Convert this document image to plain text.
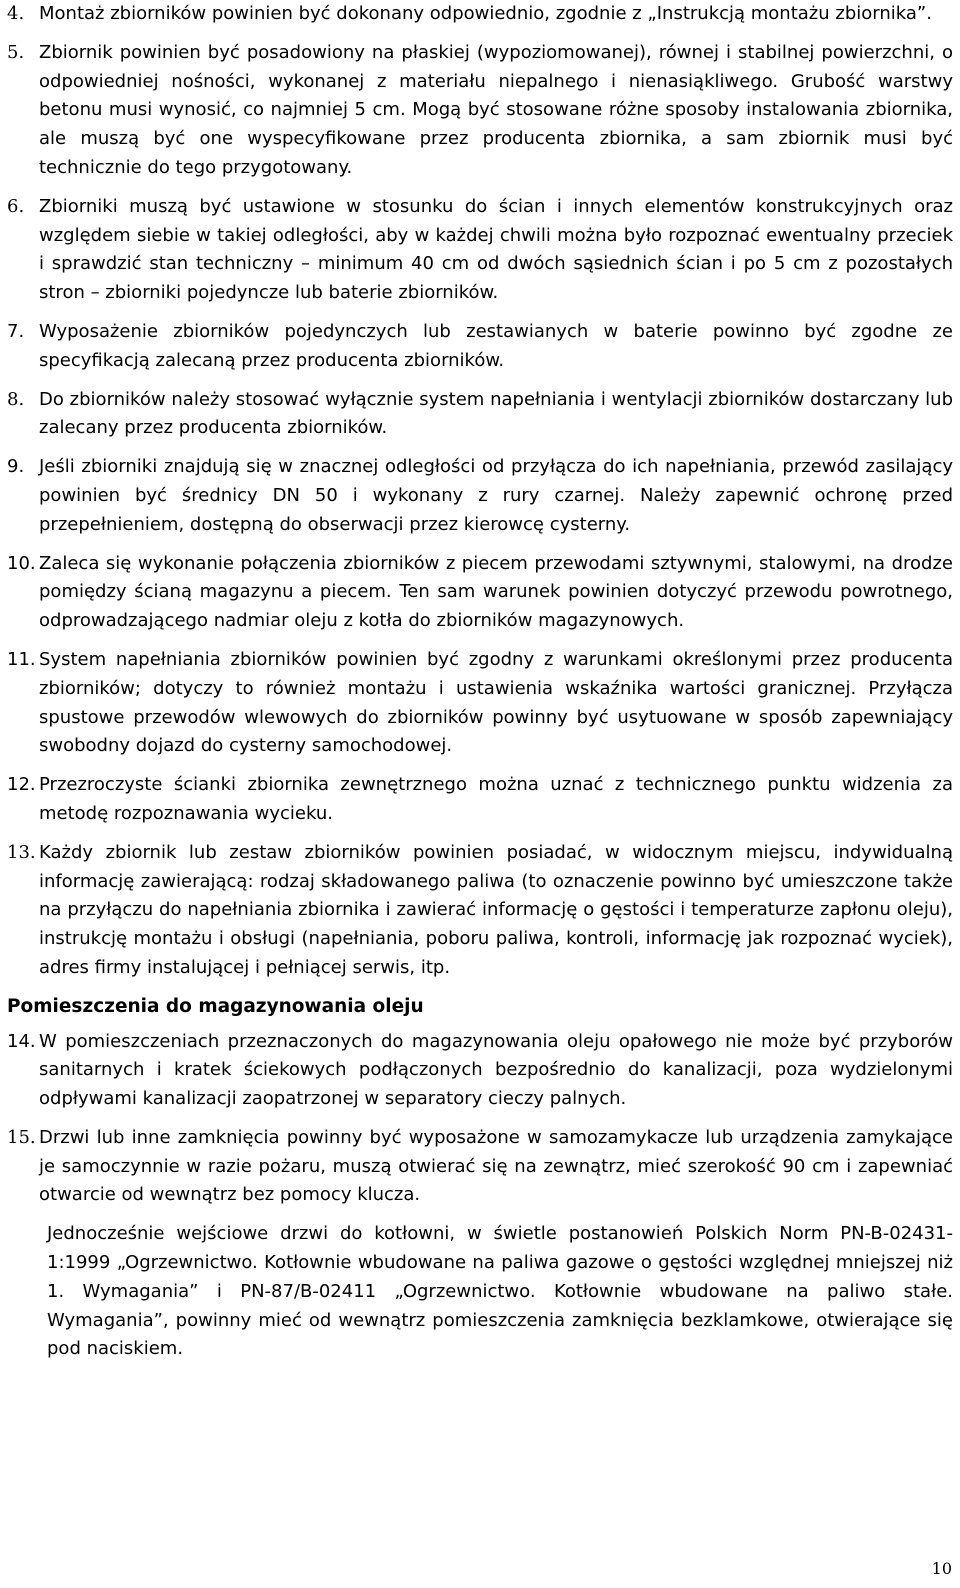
4. Montaż zbiorników powinien być dokonany odpowiednio, zgodnie z „Instrukcją montażu zbiornika”.
5. Zbiornik powinien być posadowiony na płaskiej (wypoziomowanej), równej i stabilnej powierzchni, o odpowiedniej nośności, wykonanej z materiału niepalnego i nienasiąkliwego. Grubość warstwy betonu musi wynosić, co najmniej 5 cm. Mogą być stosowane różne sposoby instalowania zbiornika, ale muszą być one wyspecyfikowane przez producenta zbiornika, a sam zbiornik musi być technicznie do tego przygotowany.
6. Zbiorniki muszą być ustawione w stosunku do ścian i innych elementów konstrukcyjnych oraz względem siebie w takiej odległości, aby w każdej chwili można było rozpoznać ewentualny przeciek i sprawdzić stan techniczny – minimum 40 cm od dwóch sąsiednich ścian i po 5 cm z pozostałych stron – zbiorniki pojedyncze lub baterie zbiorników.
7. Wyposażenie zbiorników pojedynczych lub zestawianych w baterie powinno być zgodne ze specyfikacją zalecaną przez producenta zbiorników.
8. Do zbiorników należy stosować wyłącznie system napełniania i wentylacji zbiorników dostarczany lub zalecany przez producenta zbiorników.
9. Jeśli zbiorniki znajdują się w znacznej odległości od przyłącza do ich napełniania, przewód zasilający powinien być średnicy DN 50 i wykonany z rury czarnej. Należy zapewnić ochronę przed przepełnieniem, dostępną do obserwacji przez kierowcę cysterny.
10. Zaleca się wykonanie połączenia zbiorników z piecem przewodami sztywnymi, stalowymi, na drodze pomiędzy ścianą magazynu a piecem. Ten sam warunek powinien dotyczyć przewodu powrotnego, odprowadzającego nadmiar oleju z kotła do zbiorników magazynowych.
11. System napełniania zbiorników powinien być zgodny z warunkami określonymi przez producenta zbiorników; dotyczy to również montażu i ustawienia wskaźnika wartości granicznej. Przyłącza spustowe przewodów wlewowych do zbiorników powinny być usytuowane w sposób zapewniający swobodny dojazd do cysterny samochodowej.
12. Przezroczyste ścianki zbiornika zewnętrznego można uznać z technicznego punktu widzenia za metodę rozpoznawania wycieku.
13. Każdy zbiornik lub zestaw zbiorników powinien posiadać, w widocznym miejscu, indywidualną informację zawierającą: rodzaj składowanego paliwa (to oznaczenie powinno być umieszczone także na przyłączu do napełniania zbiornika i zawierać informację o gęstości i temperaturze zapłonu oleju), instrukcję montażu i obsługi (napełniania, poboru paliwa, kontroli, informację jak rozpoznać wyciek), adres firmy instalującej i pełniącej serwis, itp.
Pomieszczenia do magazynowania oleju
14. W pomieszczeniach przeznaczonych do magazynowania oleju opałowego nie może być przyborów sanitarnych i kratek ściekowych podłączonych bezpośrednio do kanalizacji, poza wydzielonymi odpływami kanalizacji zaopatrzonej w separatory cieczy palnych.
15. Drzwi lub inne zamknięcia powinny być wyposażone w samozamykacze lub urządzenia zamykające je samoczynnie w razie pożaru, muszą otwierać się na zewnątrz, mieć szerokość 90 cm i zapewniać otwarcie od wewnątrz bez pomocy klucza.

Jednocześnie wejściowe drzwi do kotłowni, w świetle postanowień Polskich Norm PN-B-02431-1:1999 „Ogrzewnictwo. Kotłownie wbudowane na paliwa gazowe o gęstości względnej mniejszej niż 1. Wymagania” i PN-87/B-02411 „Ogrzewnictwo. Kotłownie wbudowane na paliwo stałe. Wymagania”, powinny mieć od wewnątrz pomieszczenia zamknięcia bezklamkowe, otwierające się pod naciskiem.

10
